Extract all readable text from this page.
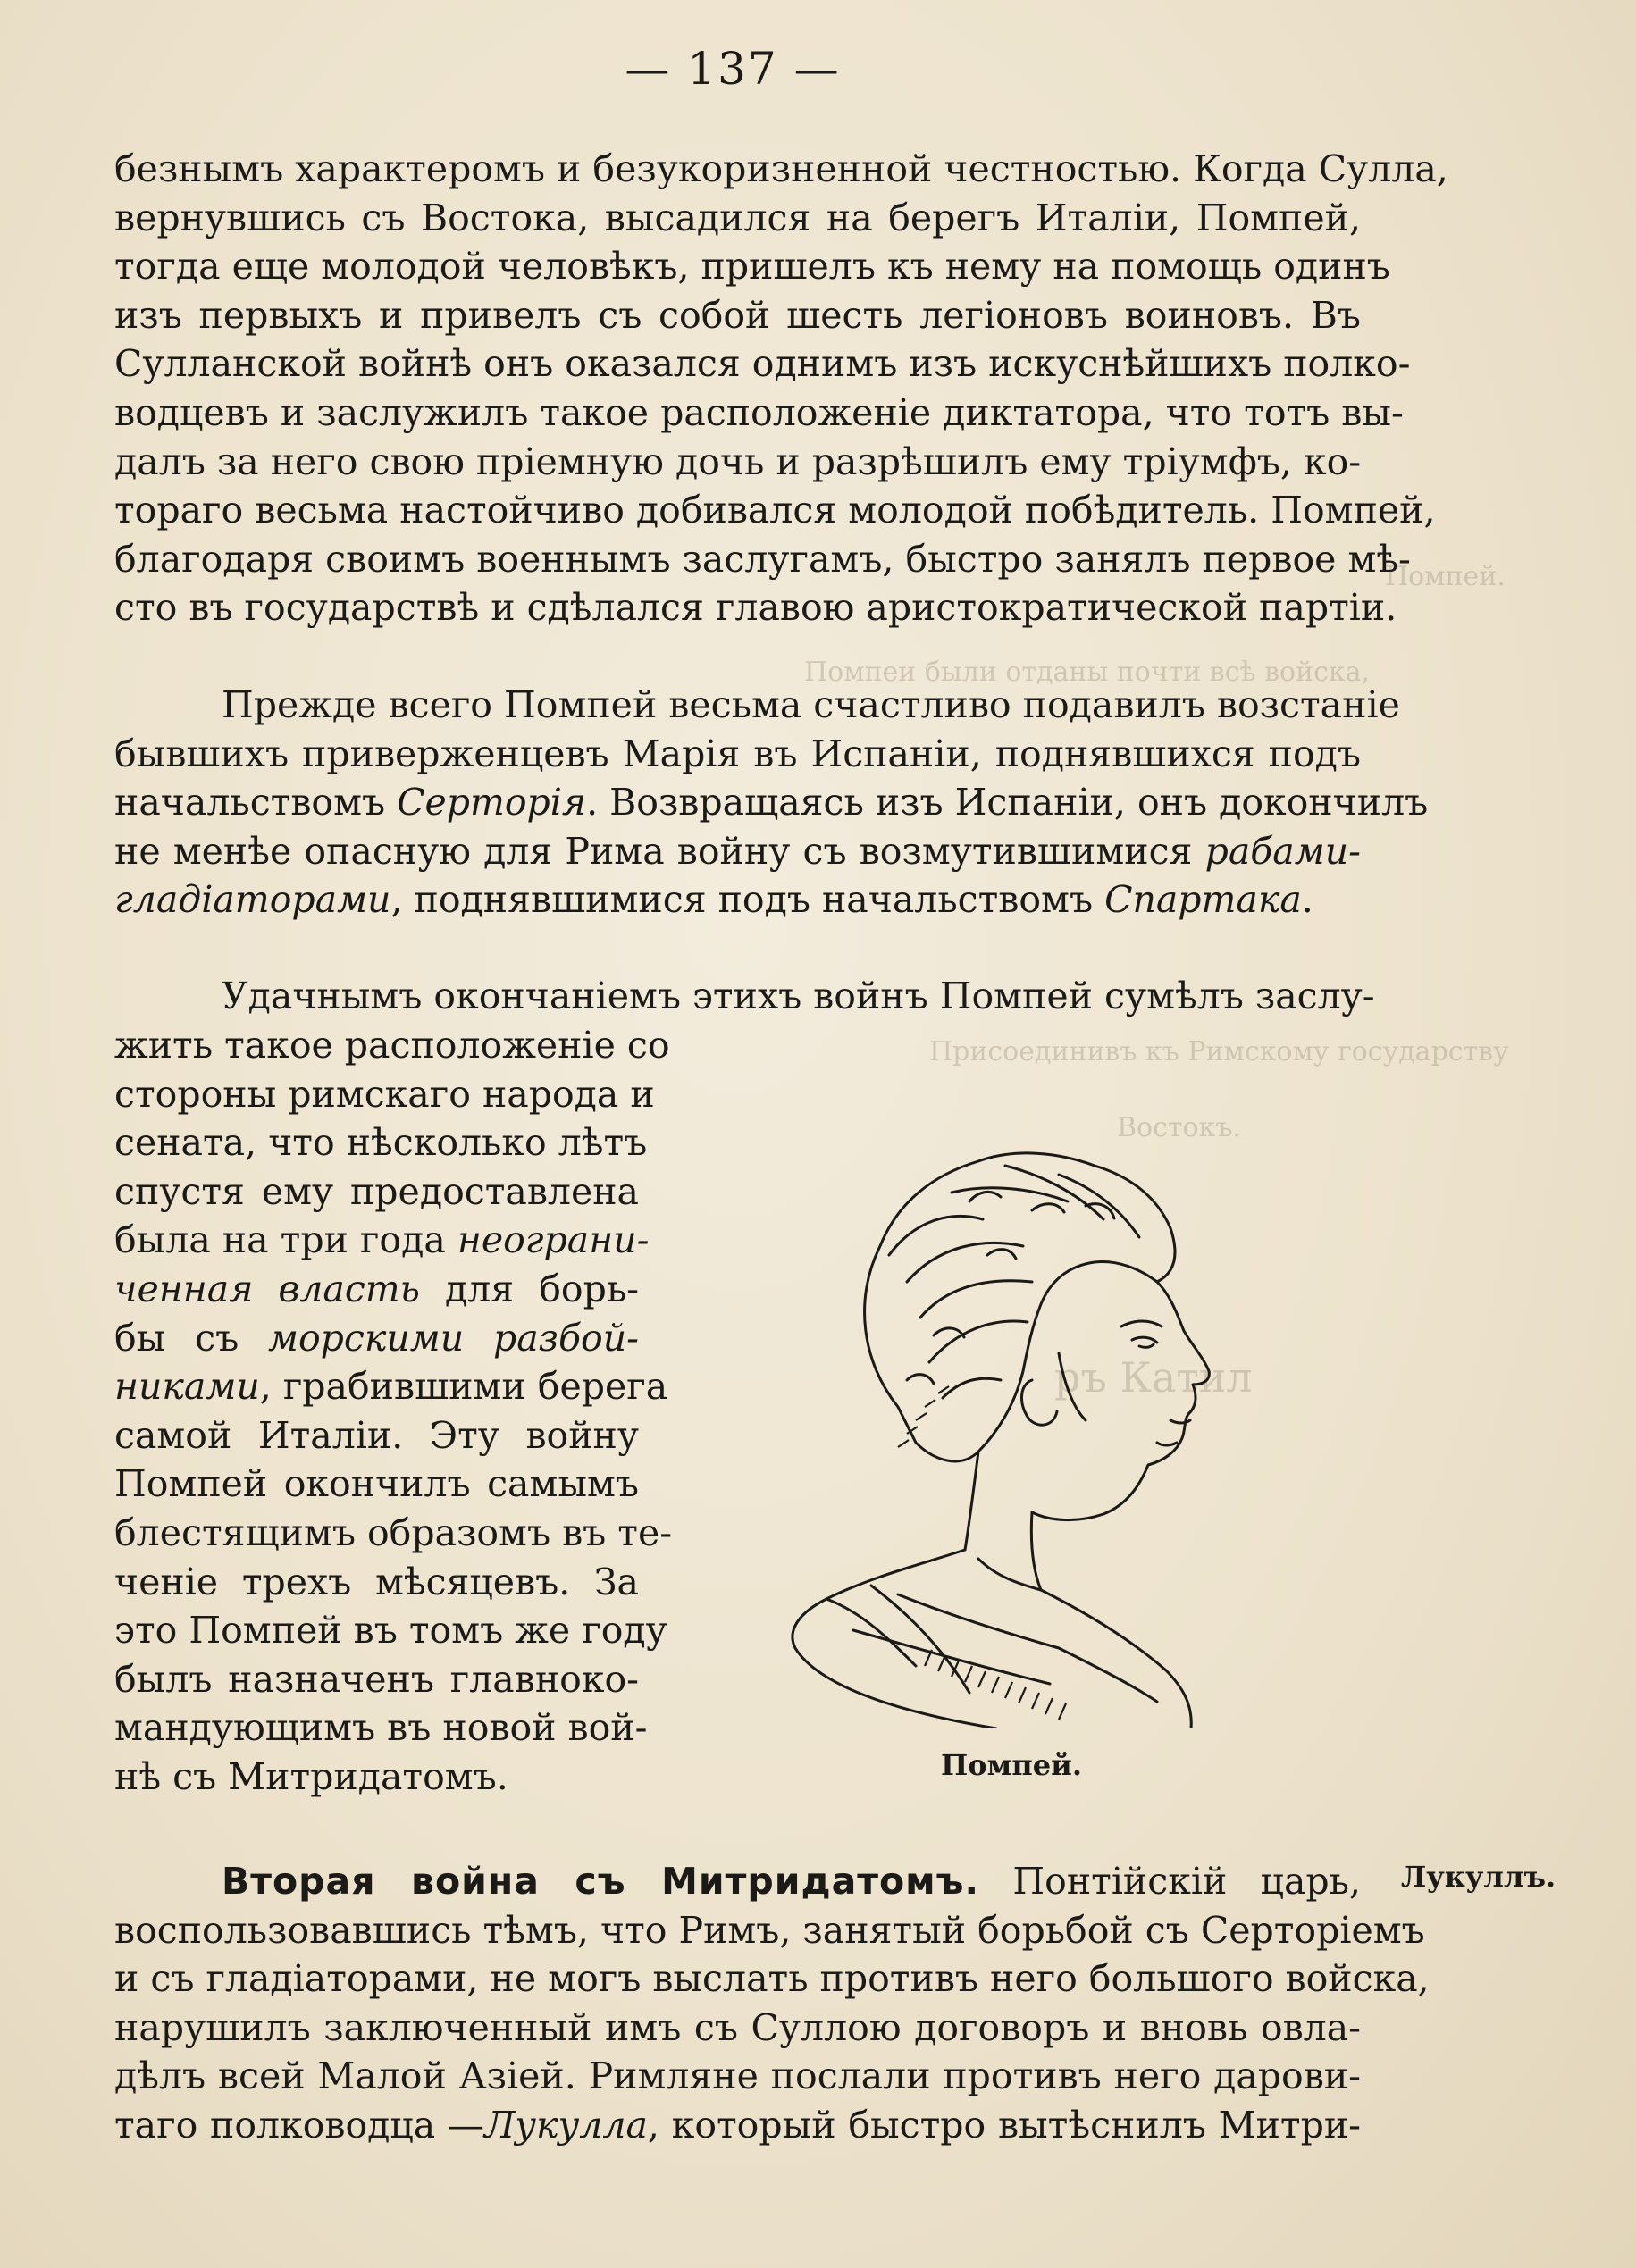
Помпей.
Помпеи были отданы почти всѣ войска,
Присоединивъ къ Римскому государству
Востокъ.
ръ Катил
— 137 —
безнымъ характеромъ и безукоризненной честностью. Когда Сулла,
вернувшись съ Востока, высадился на берегъ Италіи, Помпей,
тогда еще молодой человѣкъ, пришелъ къ нему на помощь одинъ
изъ первыхъ и привелъ съ собой шесть легіоновъ воиновъ. Въ
Сулланской войнѣ онъ оказался однимъ изъ искуснѣйшихъ полко-
водцевъ и заслужилъ такое расположеніе диктатора, что тотъ вы-
далъ за него свою пріемную дочь и разрѣшилъ ему тріумфъ, ко-
тораго весьма настойчиво добивался молодой побѣдитель. Помпей,
благодаря своимъ военнымъ заслугамъ, быстро занялъ первое мѣ-
сто въ государствѣ и сдѣлался главою аристократической партіи.
Прежде всего Помпей весьма счастливо подавилъ возстаніе
бывшихъ приверженцевъ Марія въ Испаніи, поднявшихся подъ
начальствомъ Серторія. Возвращаясь изъ Испаніи, онъ докончилъ
не менѣе опасную для Рима войну съ возмутившимися рабами-
гладіаторами, поднявшимися подъ начальствомъ Спартака.
Удачнымъ окончаніемъ этихъ войнъ Помпей сумѣлъ заслу-
жить такое расположеніе со
стороны римскаго народа и
сената, что нѣсколько лѣтъ
спустя ему предоставлена
была на три года неограни-
ченная власть для борь-
бы съ морскими разбой-
никами, грабившими берега
самой Италіи. Эту войну
Помпей окончилъ самымъ
блестящимъ образомъ въ те-
ченіе трехъ мѣсяцевъ. За
это Помпей въ томъ же году
былъ назначенъ главноко-
мандующимъ въ новой вой-
нѣ съ Митридатомъ.	Помпей.
Лукуллъ.
Вторая война съ Митридатомъ. Понтійскій царь,
воспользовавшись тѣмъ, что Римъ, занятый борьбой съ Серторіемъ
и съ гладіаторами, не могъ выслать противъ него большого войска,
нарушилъ заключенный имъ съ Суллою договоръ и вновь овла-
дѣлъ всей Малой Азіей. Римляне послали противъ него дарови-
таго полководца —Лукулла, который быстро вытѣснилъ Митри-
